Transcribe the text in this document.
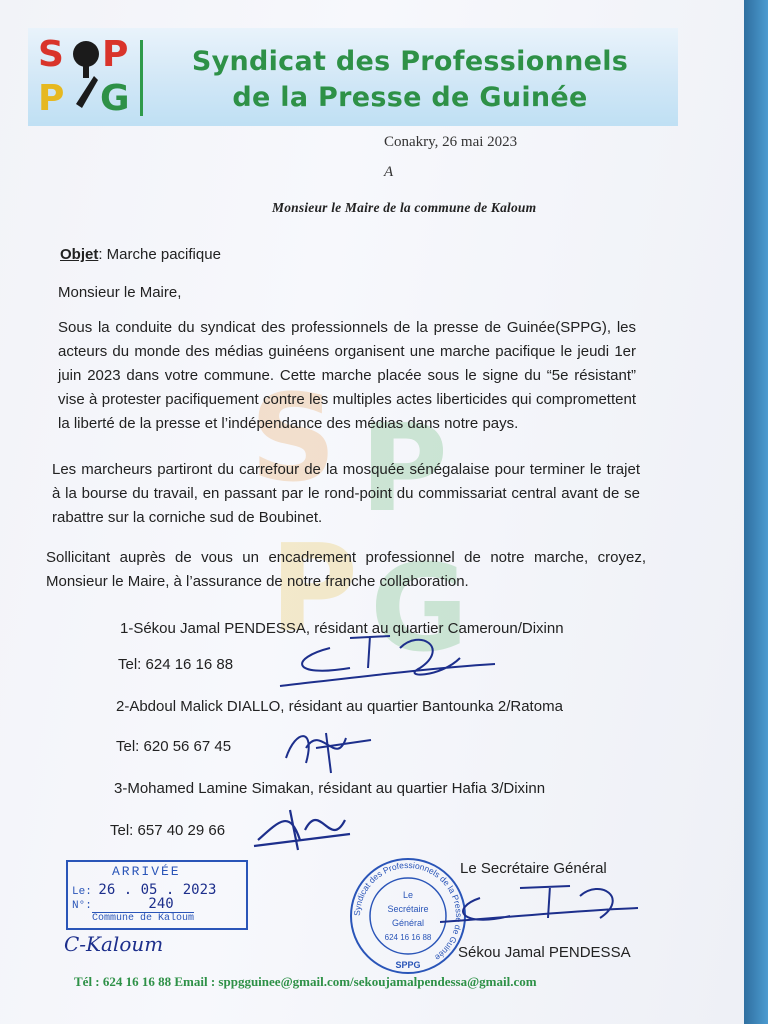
S P
P G
Syndicat des Professionnels
de la Presse de Guinée
Conakry, 26 mai 2023
A
Monsieur le Maire de la commune de Kaloum
S P
P G
Objet: Marche pacifique
Monsieur le Maire,
Sous la conduite du syndicat des professionnels de la presse de Guinée(SPPG), les acteurs du monde des médias guinéens organisent une marche pacifique le jeudi 1er juin 2023 dans votre commune. Cette marche placée sous le signe du “5e résistant” vise à protester pacifiquement contre les multiples actes liberticides qui compromettent la liberté de la presse et l’indépendance des médias dans notre pays.
Les marcheurs partiront du carrefour de la mosquée sénégalaise pour terminer le trajet à la bourse du travail, en passant par le rond-point du commissariat central avant de se rabattre sur la corniche sud de Boubinet.
Sollicitant auprès de vous un encadrement professionnel de notre marche, croyez, Monsieur le Maire, à l’assurance de notre franche collaboration.
1-Sékou Jamal PENDESSA, résidant au quartier Cameroun/Dixinn
Tel: 624 16 16 88
2-Abdoul Malick DIALLO, résidant au quartier Bantounka 2/Ratoma
Tel: 620 56 67 45
3-Mohamed Lamine Simakan, résidant au quartier Hafia 3/Dixinn
Tel: 657 40 29 66
ARRIVÉE
Le: 26 . 05 . 2023
N°:	240
Commune de Kaloum
C-Kaloum
Syndicat des Professionnels de la Presse de Guinée
Le
Secrétaire
Général
624 16 16 88
SPPG
Le Secrétaire Général
Sékou Jamal PENDESSA
Tél : 624 16 16 88 Email : sppgguinee@gmail.com/sekoujamalpendessa@gmail.com
